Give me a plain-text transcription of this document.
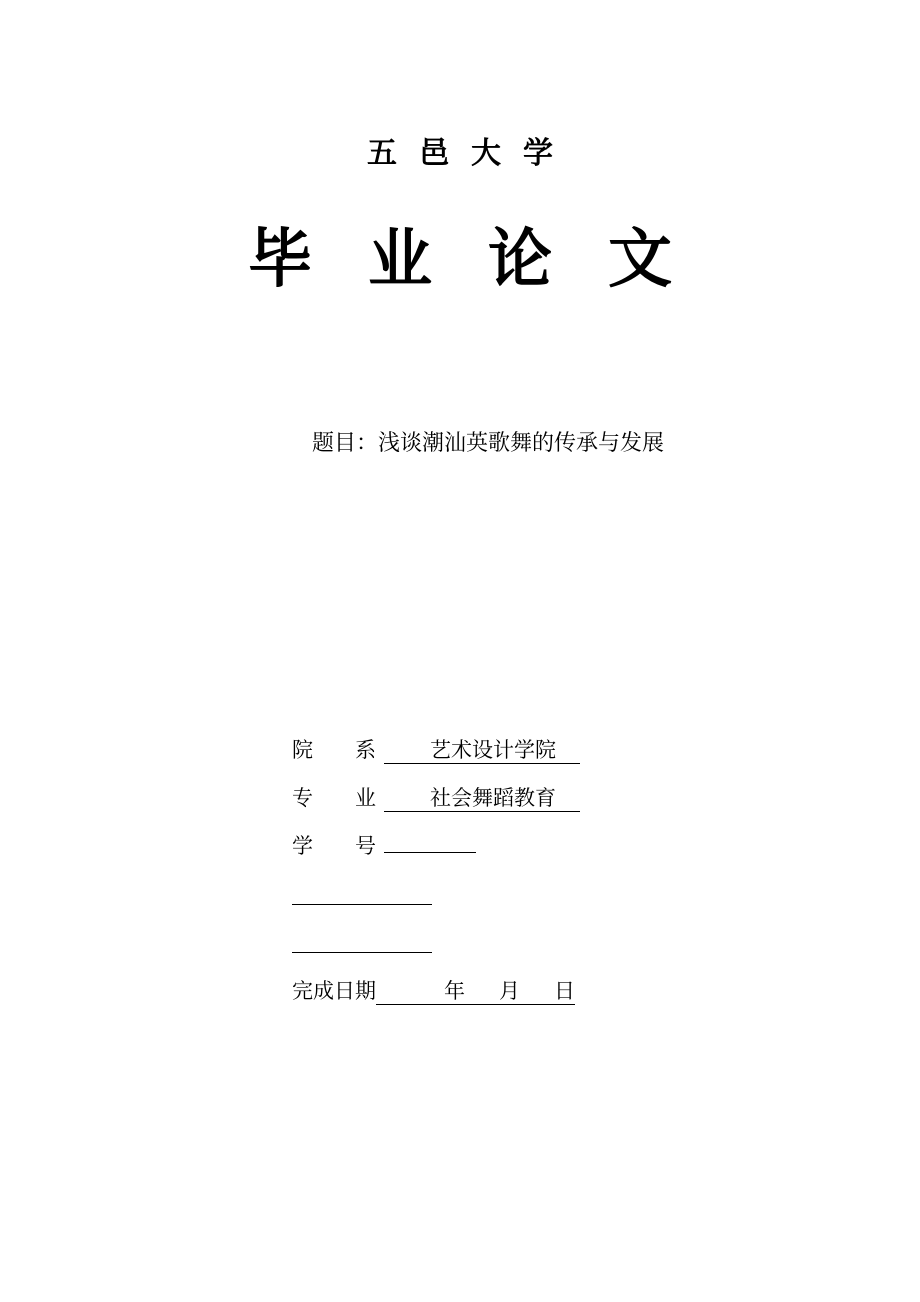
五邑大学
毕业论文
题目：浅谈潮汕英歌舞的传承与发展
院　　系	艺术设计学院
专　　业	社会舞蹈教育
学　　号
完成日期	年 月 日
